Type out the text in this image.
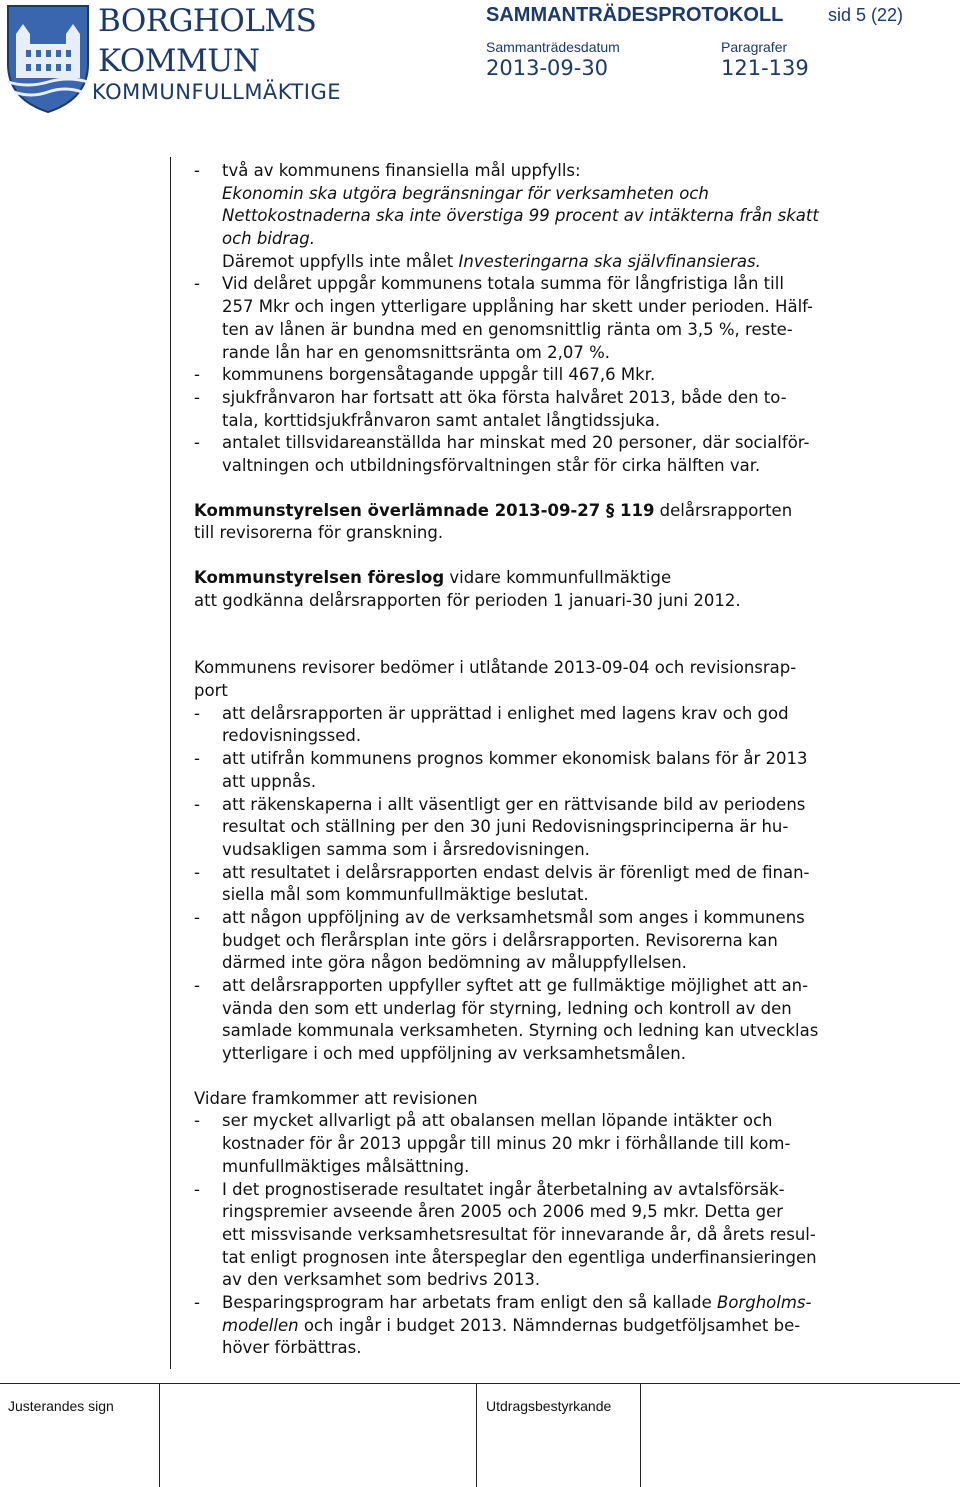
BORGHOLMS
KOMMUN
KOMMUNFULLMÄKTIGE
SAMMANTRÄDESPROTOKOLL sid 5 (22)
Sammanträdesdatum
2013-09-30
Paragrafer
121-139
- två av kommunens finansiella mål uppfylls:
Ekonomin ska utgöra begränsningar för verksamheten och
Nettokostnaderna ska inte överstiga 99 procent av intäkterna från skatt
och bidrag.
Däremot uppfylls inte målet Investeringarna ska självfinansieras.
- Vid delåret uppgår kommunens totala summa för långfristiga lån till
257 Mkr och ingen ytterligare upplåning har skett under perioden. Hälf-
ten av lånen är bundna med en genomsnittlig ränta om 3,5 %, reste-
rande lån har en genomsnittsränta om 2,07 %.
- kommunens borgensåtagande uppgår till 467,6 Mkr.
- sjukfrånvaron har fortsatt att öka första halvåret 2013, både den to-
tala, korttidsjukfrånvaron samt antalet långtidssjuka.
- antalet tillsvidareanställda har minskat med 20 personer, där socialför-
valtningen och utbildningsförvaltningen står för cirka hälften var.
Kommunstyrelsen överlämnade 2013-09-27 § 119 delårsrapporten
till revisorerna för granskning.
Kommunstyrelsen föreslog vidare kommunfullmäktige
att godkänna delårsrapporten för perioden 1 januari-30 juni 2012.
Kommunens revisorer bedömer i utlåtande 2013-09-04 och revisionsrap-
port
- att delårsrapporten är upprättad i enlighet med lagens krav och god
redovisningssed.
- att utifrån kommunens prognos kommer ekonomisk balans för år 2013
att uppnås.
- att räkenskaperna i allt väsentligt ger en rättvisande bild av periodens
resultat och ställning per den 30 juni Redovisningsprinciperna är hu-
vudsakligen samma som i årsredovisningen.
- att resultatet i delårsrapporten endast delvis är förenligt med de finan-
siella mål som kommunfullmäktige beslutat.
- att någon uppföljning av de verksamhetsmål som anges i kommunens
budget och flerårsplan inte görs i delårsrapporten. Revisorerna kan
därmed inte göra någon bedömning av måluppfyllelsen.
- att delårsrapporten uppfyller syftet att ge fullmäktige möjlighet att an-
vända den som ett underlag för styrning, ledning och kontroll av den
samlade kommunala verksamheten. Styrning och ledning kan utvecklas
ytterligare i och med uppföljning av verksamhetsmålen.
Vidare framkommer att revisionen
- ser mycket allvarligt på att obalansen mellan löpande intäkter och
kostnader för år 2013 uppgår till minus 20 mkr i förhållande till kom-
munfullmäktiges målsättning.
- I det prognostiserade resultatet ingår återbetalning av avtalsförsäk-
ringspremier avseende åren 2005 och 2006 med 9,5 mkr. Detta ger
ett missvisande verksamhetsresultat för innevarande år, då årets resul-
tat enligt prognosen inte återspeglar den egentliga underfinansieringen
av den verksamhet som bedrivs 2013.
- Besparingsprogram har arbetats fram enligt den så kallade Borgholms-
modellen och ingår i budget 2013. Nämndernas budgetföljsamhet be-
höver förbättras.
Justerandes sign	Utdragsbestyrkande
